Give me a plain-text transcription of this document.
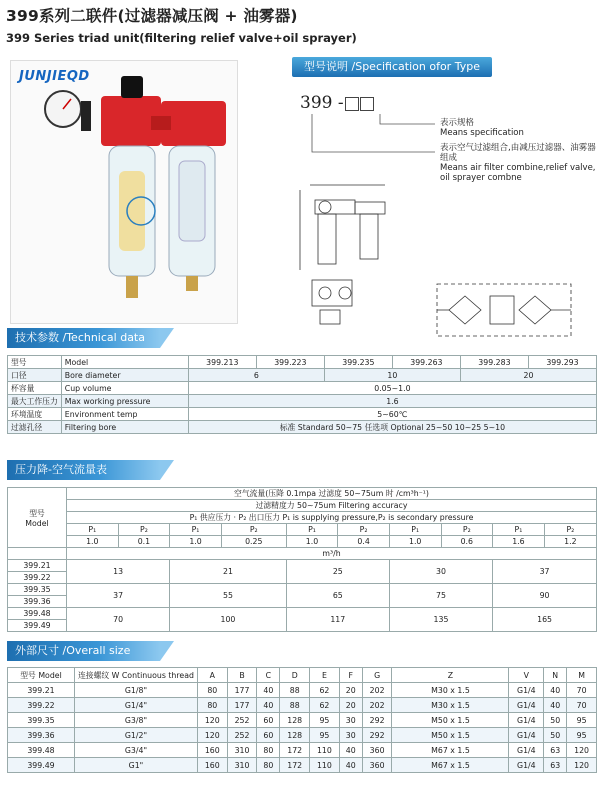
399系列二联件(过滤器减压阀 + 油雾器)
399 Series triad unit(filtering relief valve+oil sprayer)
JUNJIEQD
型号说明 /Specification ofor Type
399 -
表示规格
Means specification
表示空气过滤组合,由减压过滤器、油雾器组成
Means air filter combine,relief valve, oil sprayer combne
技术参数 /Technical data
型号	Model	399.213	399.223	399.235	399.263	399.283	399.293
口径	Bore diameter	6		10		20	
杯容量	Cup volume	0.05~1.0					
最大工作压力	Max working pressure	1.6					
环境温度	Environment temp	5~60℃					
过滤孔径	Filtering bore	标准 Standard 50~75 任选项 Optional 25~50 10~25 5~10					
压力降-空气流量表
型号
Model	空气流量(压降 0.1mpa 过滤度 50~75um 时 /cm³h⁻¹)									
	过滤精度力 50~75um Filtering accuracy									
	P₁ 供应压力 · P₂ 出口压力 P₁ is supplying pressure,P₂ is secondary pressure									
	P₁	P₂	P₁	P₂	P₁	P₂	P₁	P₂	P₁	P₂
	1.0	0.1	1.0	0.25	1.0	0.4	1.0	0.6	1.6	1.2
	m³/h									
399.21	13		21		25		30		37	
399.22										
399.35	37		55		65		75		90	
399.36										
399.48	70		100		117		135		165	
399.49										
外部尺寸 /Overall size
型号 Model	连接螺纹 W Continuous thread	A	B	C	D	E	F	G	Z	V	N	M
399.21	G1/8"	80	177	40	88	62	20	202	M30 x 1.5	G1/4	40	70
399.22	G1/4"	80	177	40	88	62	20	202	M30 x 1.5	G1/4	40	70
399.35	G3/8"	120	252	60	128	95	30	292	M50 x 1.5	G1/4	50	95
399.36	G1/2"	120	252	60	128	95	30	292	M50 x 1.5	G1/4	50	95
399.48	G3/4"	160	310	80	172	110	40	360	M67 x 1.5	G1/4	63	120
399.49	G1"	160	310	80	172	110	40	360	M67 x 1.5	G1/4	63	120
